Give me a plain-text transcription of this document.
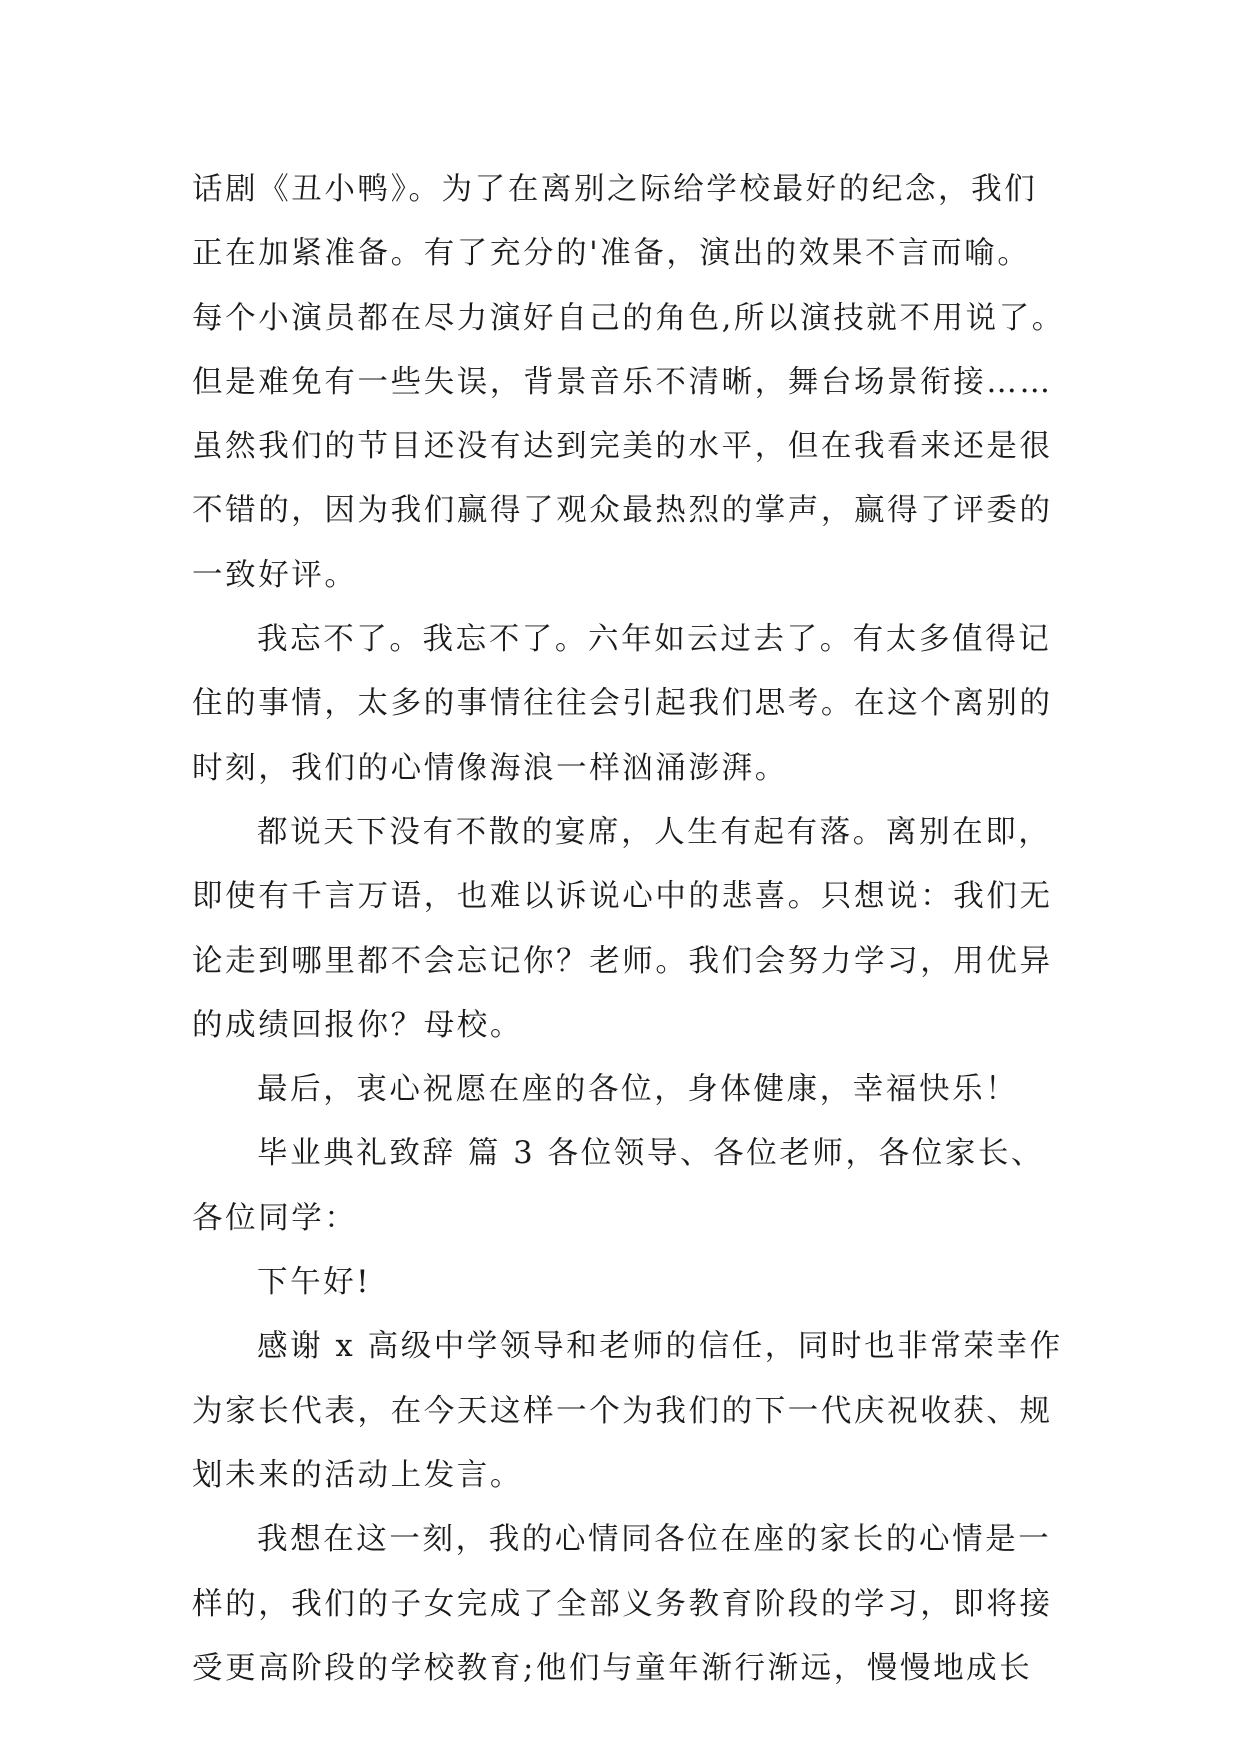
话剧《丑小鸭》。为了在离别之际给学校最好的纪念，我们
正在加紧准备。有了充分的'准备，演出的效果不言而喻。
每个小演员都在尽力演好自己的角色,所以演技就不用说了。
但是难免有一些失误，背景音乐不清晰，舞台场景衔接……
虽然我们的节目还没有达到完美的水平，但在我看来还是很
不错的，因为我们赢得了观众最热烈的掌声，赢得了评委的
一致好评。
我忘不了。我忘不了。六年如云过去了。有太多值得记
住的事情，太多的事情往往会引起我们思考。在这个离别的
时刻，我们的心情像海浪一样汹涌澎湃。
都说天下没有不散的宴席，人生有起有落。离别在即，
即使有千言万语，也难以诉说心中的悲喜。只想说：我们无
论走到哪里都不会忘记你？老师。我们会努力学习，用优异
的成绩回报你？母校。
最后，衷心祝愿在座的各位，身体健康，幸福快乐！
毕业典礼致辞 篇 3 各位领导、各位老师，各位家长、
各位同学：
下午好!
感谢 x 高级中学领导和老师的信任，同时也非常荣幸作
为家长代表，在今天这样一个为我们的下一代庆祝收获、规
划未来的活动上发言。
我想在这一刻，我的心情同各位在座的家长的心情是一
样的，我们的子女完成了全部义务教育阶段的学习，即将接
受更高阶段的学校教育;他们与童年渐行渐远，慢慢地成长
